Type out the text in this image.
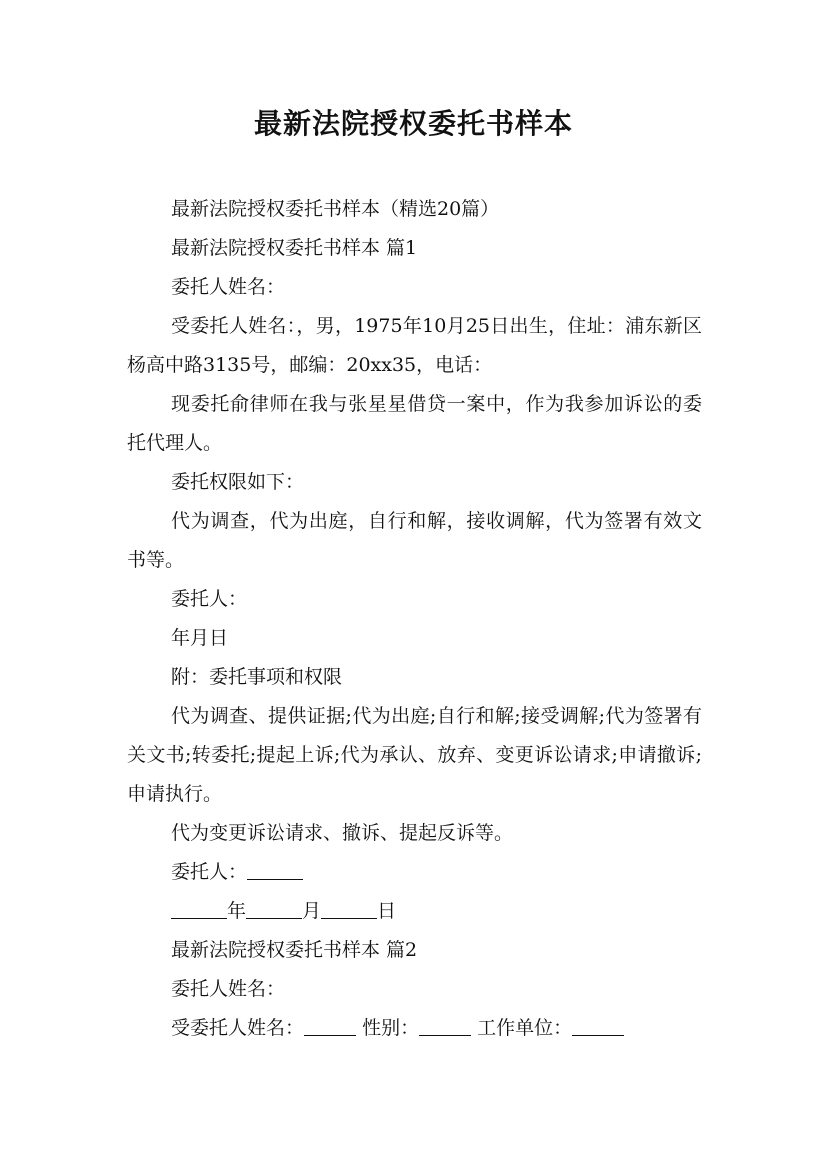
最新法院授权委托书样本

最新法院授权委托书样本（精选20篇）

最新法院授权委托书样本 篇1

委托人姓名：

受委托人姓名：，男，1975年10月25日出生，住址：浦东新区杨高中路3135号，邮编：20xx35，电话：

现委托俞律师在我与张星星借贷一案中，作为我参加诉讼的委托代理人。

委托权限如下：

代为调查，代为出庭，自行和解，接收调解，代为签署有效文书等。

委托人：

年月日

附：委托事项和权限

代为调查、提供证据;代为出庭;自行和解;接受调解;代为签署有关文书;转委托;提起上诉;代为承认、放弃、变更诉讼请求;申请撤诉;申请执行。

代为变更诉讼请求、撤诉、提起反诉等。

委托人：

年	月	日

最新法院授权委托书样本 篇2

委托人姓名：

受委托人姓名：	性别：	工作单位：
